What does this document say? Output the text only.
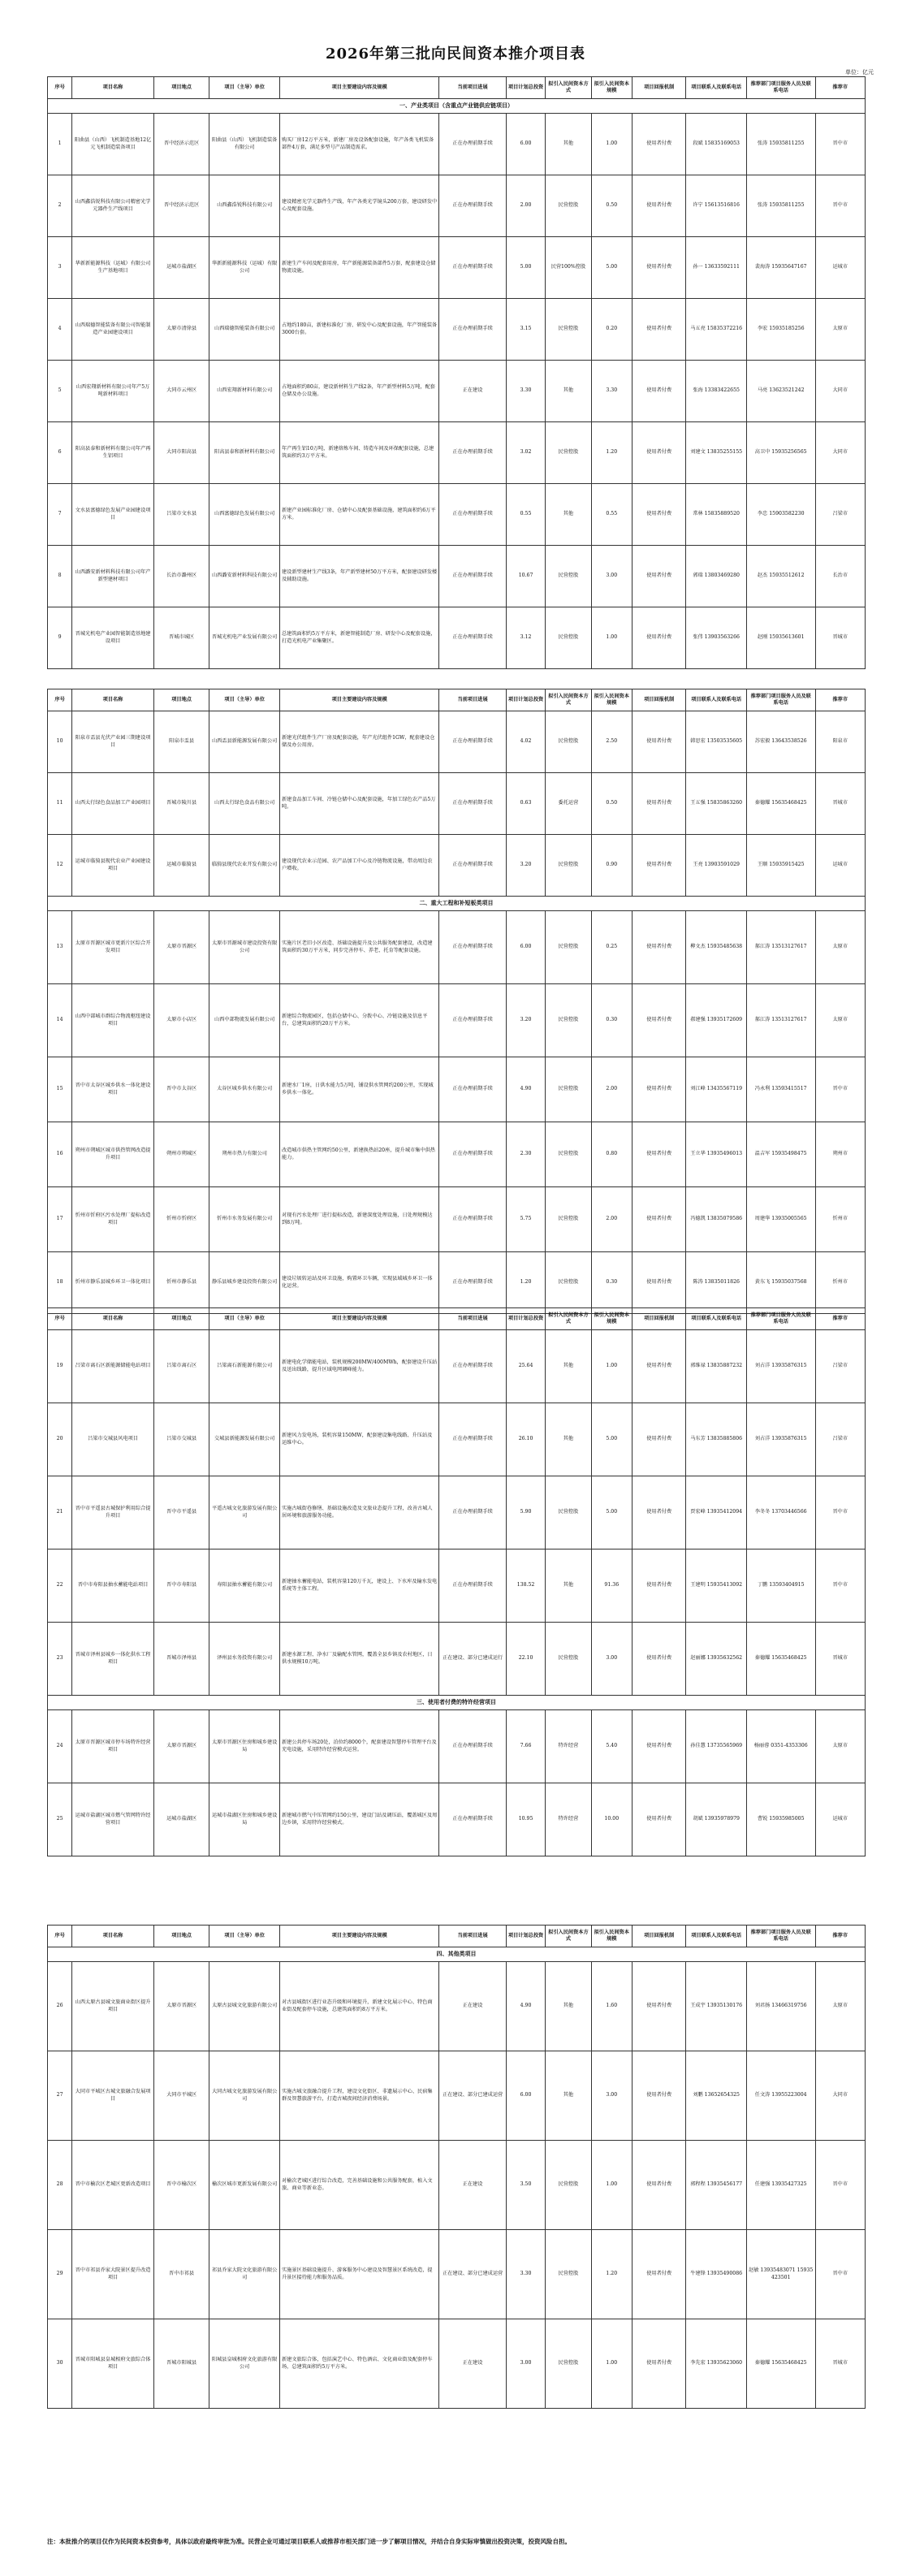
2026年第三批向民间资本推介项目表
单位：亿元
序号	项目名称	项目地点	项目（主导）单位	项目主要建设内容及规模	当前项目进展	项目计划总投资	拟引入民间资本方式	拟引入民间资本规模	项目回报机制	项目联系人及联系电话	推荐部门项目服务人员及联系电话	推荐市
一、产业类项目（含重点产业链供应链项目）												
1	阳曲县（山西）飞机制造基地12亿元飞机制造装备项目	晋中经济示范区	阳曲县（山西）飞机制造装备有限公司	购买厂房12万平方米，新建厂房及设备配套设施，年产各类飞机装备部件4万套，满足多型号产品制造需求。	正在办理前期手续	6.00	其他	1.00	使用者付费	段斌 15835169053	张涛 15935811255	晋中市
2	山西鑫浩锐科技有限公司精密光学元器件生产线项目	晋中经济示范区	山西鑫浩锐科技有限公司	建设精密光学元器件生产线，年产各类光学镜头200万套，建设研发中心及配套设施。	正在办理前期手续	2.00	民营控股	0.50	使用者付费	许宁 15613516816	张涛 15935811255	晋中市
3	华新新能源科技（运城）有限公司生产基地项目	运城市盐湖区	华新新能源科技（运城）有限公司	新建生产车间及配套用房，年产新能源装备部件5万套，配套建设仓储物流设施。	正在办理前期手续	5.00	民营100%控股	5.00	使用者付费	孙一 13633592111	裴海涛 15935647167	运城市
4	山西瑞德智能装备有限公司智能制造产业园建设项目	太原市清徐县	山西瑞德智能装备有限公司	占地约180亩，新建标准化厂房、研发中心及配套设施，年产智能装备3000台套。	正在办理前期手续	3.15	民营控股	0.20	使用者付费	马五亮 15835372216	李宏 15935185256	太原市
5	山西宏翔新材料有限公司年产5万吨新材料项目	大同市云州区	山西宏翔新材料有限公司	占地面积约80亩，建设新材料生产线2条，年产新型材料5万吨，配套仓储及办公设施。	正在建设	3.30	其他	3.30	使用者付费	张海 13383422655	马亮 13623521242	大同市
6	阳高县泰和新材料有限公司年产再生铝项目	大同市阳高县	阳高县泰和新材料有限公司	年产再生铝10万吨，新建熔炼车间、铸造车间及环保配套设施，总建筑面积约3万平方米。	正在办理前期手续	3.02	民营控股	1.20	使用者付费	刘建文 13835255155	高卫中 15935256565	大同市
7	文水县富德绿色发展产业园建设项目	吕梁市文水县	山西富德绿色发展有限公司	新建产业园标准化厂房、仓储中心及配套基础设施，建筑面积约6万平方米。	正在办理前期手续	0.55	其他	0.55	使用者付费	常林 15835889520	李忠 15903582230	吕梁市
8	山西潞安新材料科技有限公司年产新型建材项目	长治市潞州区	山西潞安新材料科技有限公司	建设新型建材生产线3条，年产新型建材50万平方米，配套建设研发楼及辅助设施。	正在办理前期手续	10.67	民营控股	3.00	使用者付费	郭瑞 13803469280	赵杰 15935512612	长治市
9	晋城光机电产业园智能制造基地建设项目	晋城市城区	晋城光机电产业发展有限公司	总建筑面积约5万平方米，新建智能制造厂房、研发中心及配套设施，打造光机电产业集聚区。	正在办理前期手续	3.12	民营控股	1.00	使用者付费	张伟 13903563266	赵刚 15935613601	晋城市
序号	项目名称	项目地点	项目（主导）单位	项目主要建设内容及规模	当前项目进展	项目计划总投资	拟引入民间资本方式	拟引入民间资本规模	项目回报机制	项目联系人及联系电话	推荐部门项目服务人员及联系电话	推荐市
10	阳泉市盂县光伏产业园三期建设项目	阳泉市盂县	山西盂县新能源发展有限公司	新建光伏组件生产厂房及配套设施，年产光伏组件1GW，配套建设仓储及办公用房。	正在办理前期手续	4.02	民营控股	2.50	使用者付费	韩思宏 13503535605	苏宏毅 13643538526	阳泉市
11	山西太行绿色食品加工产业园项目	晋城市陵川县	山西太行绿色食品有限公司	新建食品加工车间、冷链仓储中心及配套设施，年加工绿色农产品5万吨。	正在办理前期手续	0.63	委托运营	0.50	使用者付费	王五强 15835863260	秦德耀 15635468425	晋城市
12	运城市临猗县现代农业产业园建设项目	运城市临猗县	临猗县现代农业开发有限公司	建设现代农业示范园、农产品加工中心及冷链物流设施，带动周边农户增收。	正在办理前期手续	3.20	民营控股	0.90	使用者付费	王亮 13903591029	王顺 15935915425	运城市
二、重大工程和补短板类项目												
13	太原市晋源区城市更新片区综合开发项目	太原市晋源区	太原市晋源城市建设投资有限公司	实施片区老旧小区改造、基础设施提升及公共服务配套建设，改造建筑面积约30万平方米，同步完善停车、养老、托育等配套设施。	正在办理前期手续	6.00	民营控股	0.25	使用者付费	柳文杰 15935485638	郝江涛 13513127617	太原市
14	山西中部城市群综合物流枢纽建设项目	太原市小店区	山西中部物流发展有限公司	新建综合物流园区，包括仓储中心、分拨中心、冷链设施及信息平台，总建筑面积约20万平方米。	正在办理前期手续	3.20	民营控股	0.30	使用者付费	郝建强 13935172609	郝江涛 13513127617	太原市
15	晋中市太谷区城乡供水一体化建设项目	晋中市太谷区	太谷区城乡供水有限公司	新建水厂1座，日供水能力5万吨，铺设供水管网约200公里，实现城乡供水一体化。	正在办理前期手续	4.90	民营控股	2.00	使用者付费	刘江峰 13435567119	冯永利 13593415517	晋中市
16	朔州市朔城区城市供热管网改造提升项目	朔州市朔城区	朔州市热力有限公司	改造城市供热主管网约50公里，新建换热站20座，提升城市集中供热能力。	正在办理前期手续	2.30	民营控股	0.80	使用者付费	王立华 13935496013	温吉军 15935498475	朔州市
17	忻州市忻府区污水处理厂提标改造项目	忻州市忻府区	忻州市水务发展有限公司	对现有污水处理厂进行提标改造，新建深度处理设施，日处理规模达到8万吨。	正在办理前期手续	5.75	民营控股	2.00	使用者付费	冯德凯 13835079586	周建华 13935005565	忻州市
18	忻州市静乐县城乡环卫一体化项目	忻州市静乐县	静乐县城乡建设投资有限公司	建设垃圾转运站及环卫设施，购置环卫车辆，实现县域城乡环卫一体化运营。	正在办理前期手续	1.20	民营控股	0.30	使用者付费	陈涛 13835011826	黄东飞 15935037568	忻州市
序号	项目名称	项目地点	项目（主导）单位	项目主要建设内容及规模	当前项目进展	项目计划总投资	拟引入民间资本方式	拟引入民间资本规模	项目回报机制	项目联系人及联系电话	推荐部门项目服务人员及联系电话	推荐市
19	吕梁市离石区新能源储能电站项目	吕梁市离石区	吕梁离石新能源有限公司	新建电化学储能电站，装机规模200MW/400MWh，配套建设升压站及送出线路，提升区域电网调峰能力。	正在办理前期手续	25.64	其他	1.00	使用者付费	郭维禄 13835887232	刘占洋 13935876315	吕梁市
20	吕梁市交城县风电项目	吕梁市交城县	交城县新能源发展有限公司	新建风力发电场，装机容量150MW，配套建设集电线路、升压站及运维中心。	正在办理前期手续	26.10	其他	5.00	使用者付费	马东芳 13835885806	刘占洋 13935876315	吕梁市
21	晋中市平遥县古城保护利用综合提升项目	晋中市平遥县	平遥古城文化旅游发展有限公司	实施古城街巷修缮、基础设施改造及文旅业态提升工程，改善古城人居环境和旅游服务功能。	正在办理前期手续	5.90	民营控股	5.00	使用者付费	贾宏峰 13935412094	李冬冬 13703446566	晋中市
22	晋中市寿阳县抽水蓄能电站项目	晋中市寿阳县	寿阳县抽水蓄能有限公司	新建抽水蓄能电站，装机容量120万千瓦，建设上、下水库及输水发电系统等主体工程。	正在办理前期手续	138.52	其他	91.36	使用者付费	王建明 15935413092	丁鹏 13593404915	晋中市
23	晋城市泽州县城乡一体化供水工程项目	晋城市泽州县	泽州县水务投资有限公司	新建水源工程、净水厂及输配水管网，覆盖全县乡镇及农村地区，日供水规模10万吨。	正在建设、部分已建成运行	22.10	民营控股	3.00	使用者付费	赵丽娜 13935632562	秦德耀 15635468425	晋城市
三、使用者付费的特许经营项目												
24	太原市晋源区城市停车场特许经营项目	太原市晋源区	太原市晋源区住房和城乡建设局	新建公共停车场20处，泊位约8000个，配套建设智慧停车管理平台及充电设施，采用特许经营模式运营。	正在办理前期手续	7.66	特许经营	5.40	使用者付费	孙佳慧 13735565969	杨丽蓉 0351-4353306	太原市
25	运城市盐湖区城市燃气管网特许经营项目	运城市盐湖区	运城市盐湖区住房和城乡建设局	新建城市燃气中压管网约150公里，建设门站及调压站，覆盖城区及周边乡镇，采用特许经营模式。	正在办理前期手续	10.95	特许经营	10.00	使用者付费	胡斌 13935978979	曹锐 15935985005	运城市
序号	项目名称	项目地点	项目（主导）单位	项目主要建设内容及规模	当前项目进展	项目计划总投资	拟引入民间资本方式	拟引入民间资本规模	项目回报机制	项目联系人及联系电话	推荐部门项目服务人员及联系电话	推荐市
四、其他类项目												
26	山西太原古县城文旅商业街区提升项目	太原市晋源区	太原古县城文化旅游有限公司	对古县城街区进行业态升级和环境提升，新建文化展示中心、特色商业街及配套停车设施，总建筑面积约8万平方米。	正在建设	4.90	其他	1.60	使用者付费	王成宇 13935130176	刘君扬 13466319756	太原市
27	大同市平城区古城文旅融合发展项目	大同市平城区	大同古城文化旅游发展有限公司	实施古城文旅融合提升工程，建设文化街区、非遗展示中心、民宿集群及智慧旅游平台，打造古城夜间经济消费场景。	正在建设、部分已建成运营	6.00	其他	3.00	使用者付费	刘鹏 13652654325	任文涛 13955223004	大同市
28	晋中市榆次区老城区更新改造项目	晋中市榆次区	榆次区城市更新发展有限公司	对榆次老城区进行综合改造，完善基础设施和公共服务配套，植入文旅、商业等新业态。	正在建设	3.50	民营控股	1.00	使用者付费	郭程程 13935456177	任建强 13935427325	晋中市
29	晋中市祁县乔家大院景区提升改造项目	晋中市祁县	祁县乔家大院文化旅游有限公司	实施景区基础设施提升、游客服务中心建设及智慧景区系统改造，提升景区接待能力和服务品质。	正在建设、部分已建成运营	3.30	民营控股	1.20	使用者付费	牛建锋 13935490086	赵敏 13935483071 15935423501	晋中市
30	晋城市阳城县皇城相府文旅综合体项目	晋城市阳城县	阳城县皇城相府文化旅游有限公司	新建文旅综合体，包括演艺中心、特色酒店、文化商业街及配套停车场，总建筑面积约5万平方米。	正在建设	3.00	民营控股	1.00	使用者付费	李先宏 13935623060	秦德耀 15635468425	晋城市
注：本批推介的项目仅作为民间资本投资参考，具体以政府最终审批为准。民营企业可通过项目联系人或推荐市相关部门进一步了解项目情况，并结合自身实际审慎做出投资决策，投资风险自担。
